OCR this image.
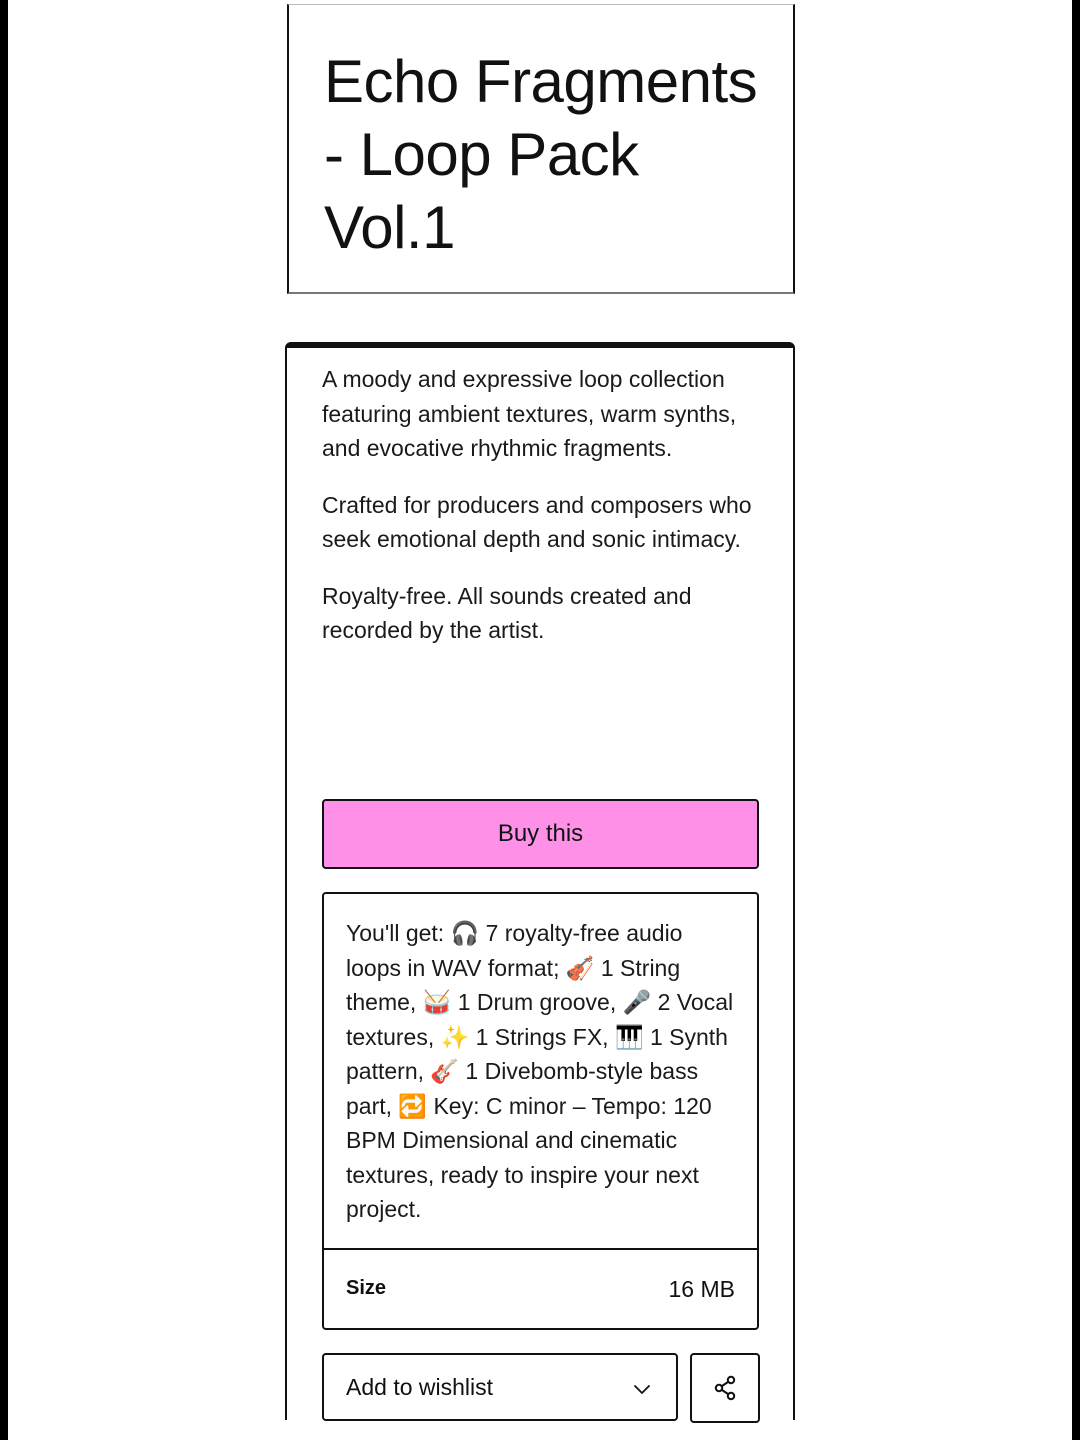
Echo Fragments - Loop Pack Vol.1

A moody and expressive loop collection featuring ambient textures, warm synths, and evocative rhythmic fragments.

Crafted for producers and composers who seek emotional depth and sonic intimacy.

Royalty-free. All sounds created and recorded by the artist.

Buy this
You'll get: 🎧 7 royalty-free audio loops in WAV format; 🎻 1 String theme, 🥁 1 Drum groove, 🎤 2 Vocal textures, ✨ 1 Strings FX, 🎹 1 Synth pattern, 🎸 1 Divebomb-style bass part, 🔁 Key: C minor – Tempo: 120 BPM Dimensional and cinematic textures, ready to inspire your next project.
Size	16 MB
Add to wishlist
